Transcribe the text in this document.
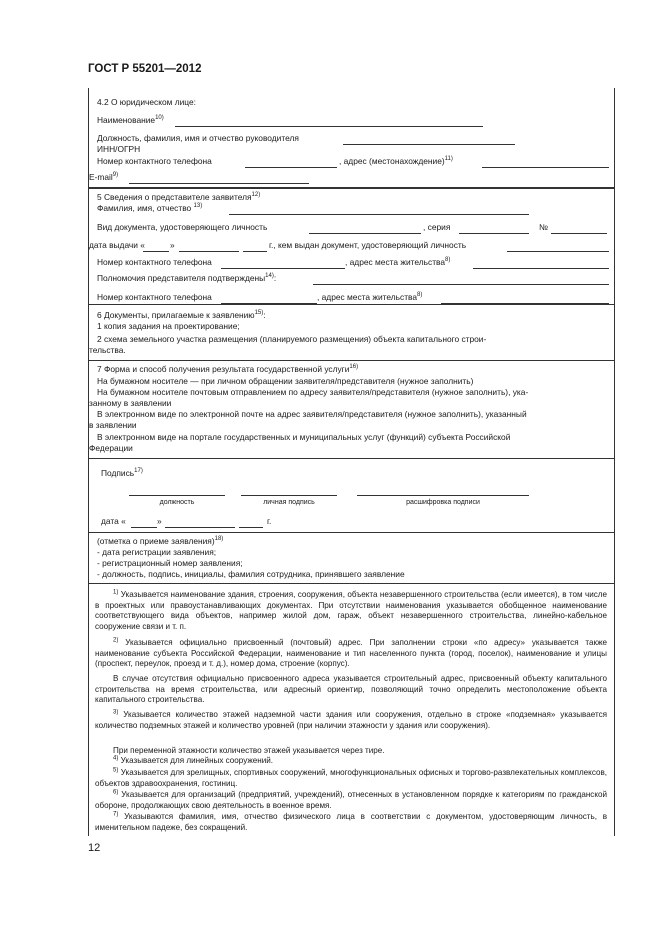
ГОСТ Р 55201—2012
4.2 О юридическом лице:
Наименование$^{10)}$
Должность, фамилия, имя и отчество руководителя
ИНН/ОГРН
Номер контактного телефона	, адрес (местонахождение)$^{11)}$
E-mail$^{9)}$
5 Сведения о представителе заявителя$^{12)}$
Фамилия, имя, отчество $^{13)}$
Вид документа, удостоверяющего личность	, серия	№
дата выдачи «	»	г., кем выдан документ, удостоверяющий личность
Номер контактного телефона	, адрес места жительства$^{8)}$
Полномочия представителя подтверждены$^{14)}$:
Номер контактного телефона	, адрес места жительства$^{8)}$
6 Документы, прилагаемые к заявлению$^{15)}$:
1 копия задания на проектирование;
2 схема земельного участка размещения (планируемого размещения) объекта капитального строи-
тельства.
7 Форма и способ получения результата государственной услуги$^{16)}$
На бумажном носителе — при личном обращении заявителя/представителя (нужное заполнить)
На бумажном носителе почтовым отправлением по адресу заявителя/представителя (нужное заполнить), ука-
занному в заявлении
В электронном виде по электронной почте на адрес заявителя/представителя (нужное заполнить), указанный
в заявлении
В электронном виде на портале государственных и муниципальных услуг (функций) субъекта Российской
Федерации
Подпись$^{17)}$
должность	личная подпись	расшифровка подписи
дата «	»	г.
(отметка о приеме заявления)$^{18)}$
- дата регистрации заявления;
- регистрационный номер заявления;
- должность, подпись, инициалы, фамилия сотрудника, принявшего заявление
$^{1)}$ Указывается наименование здания, строения, сооружения, объекта незавершенного строительства (если имеется), в том числе в проектных или правоустанавливающих документах. При отсутствии наименования указывается обобщенное наименование соответствующего вида объектов, например жилой дом, гараж, объект незавершенного строительства, линейно-кабельное сооружение связи и т. п.
$^{2)}$ Указывается официально присвоенный (почтовый) адрес. При заполнении строки «по адресу» указывается также наименование субъекта Российской Федерации, наименование и тип населенного пункта (город, поселок), наименование и улицы (проспект, переулок, проезд и т. д.), номер дома, строение (корпус).
В случае отсутствия официально присвоенного адреса указывается строительный адрес, присвоенный объекту капитального строительства на время строительства, или адресный ориентир, позволяющий точно определить местоположение объекта капитального строительства.
$^{3)}$ Указывается количество этажей надземной части здания или сооружения, отдельно в строке «подземная» указывается количество подземных этажей и количество уровней (при наличии этажности у здания или сооружения).
При переменной этажности количество этажей указывается через тире.
$^{4)}$ Указывается для линейных сооружений.
$^{5)}$ Указывается для зрелищных, спортивных сооружений, многофункциональных офисных и торгово-развлекательных комплексов, объектов здравоохранения, гостиниц.
$^{6)}$ Указывается для организаций (предприятий, учреждений), отнесенных в установленном порядке к категориям по гражданской обороне, продолжающих свою деятельность в военное время.
$^{7)}$ Указываются фамилия, имя, отчество физического лица в соответствии с документом, удостоверяющим личность, в именительном падеже, без сокращений.
12
